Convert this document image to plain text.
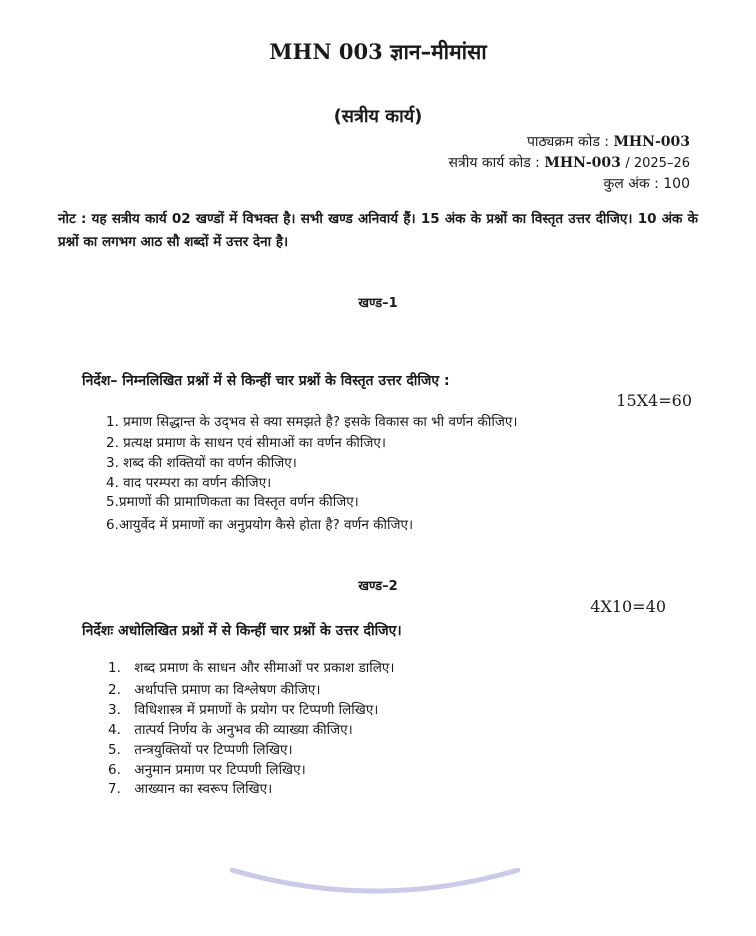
MHN 003 ज्ञान–मीमांसा
(सत्रीय कार्य)
पाठ्यक्रम कोड : MHN-003
सत्रीय कार्य कोड : MHN-003 / 2025–26
कुल अंक : 100
नोट : यह सत्रीय कार्य 02 खण्डों में विभक्त है। सभी खण्ड अनिवार्य हैं। 15 अंक के प्रश्नों का विस्तृत उत्तर दीजिए। 10 अंक के प्रश्नों का लगभग आठ सौ शब्दों में उत्तर देना है।
खण्ड–1
निर्देश– निम्नलिखित प्रश्नों में से किन्हीं चार प्रश्नों के विस्तृत उत्तर दीजिए :
15X4=60
1. प्रमाण सिद्धान्त के उद्‌भव से क्या समझते है? इसके विकास का भी वर्णन कीजिए।
2. प्रत्यक्ष प्रमाण के साधन एवं सीमाओं का वर्णन कीजिए।
3. शब्द की शक्तियों का वर्णन कीजिए।
4. वाद परम्परा का वर्णन कीजिए।
5.प्रमाणों की प्रामाणिकता का विस्तृत वर्णन कीजिए।
6.आयुर्वेद में प्रमाणों का अनुप्रयोग कैसे होता है? वर्णन कीजिए।
खण्ड–2
4X10=40
निर्देशः अधोलिखित प्रश्नों में से किन्हीं चार प्रश्नों के उत्तर दीजिए।
1. शब्द प्रमाण के साधन और सीमाओं पर प्रकाश डालिए।
2. अर्थापत्ति प्रमाण का विश्लेषण कीजिए।
3. विधिशास्त्र में प्रमाणों के प्रयोग पर टिप्पणी लिखिए।
4. तात्पर्य निर्णय के अनुभव की व्याख्या कीजिए।
5. तन्त्रयुक्तियों पर टिप्पणी लिखिए।
6. अनुमान प्रमाण पर टिप्पणी लिखिए।
7. आख्यान का स्वरूप लिखिए।
